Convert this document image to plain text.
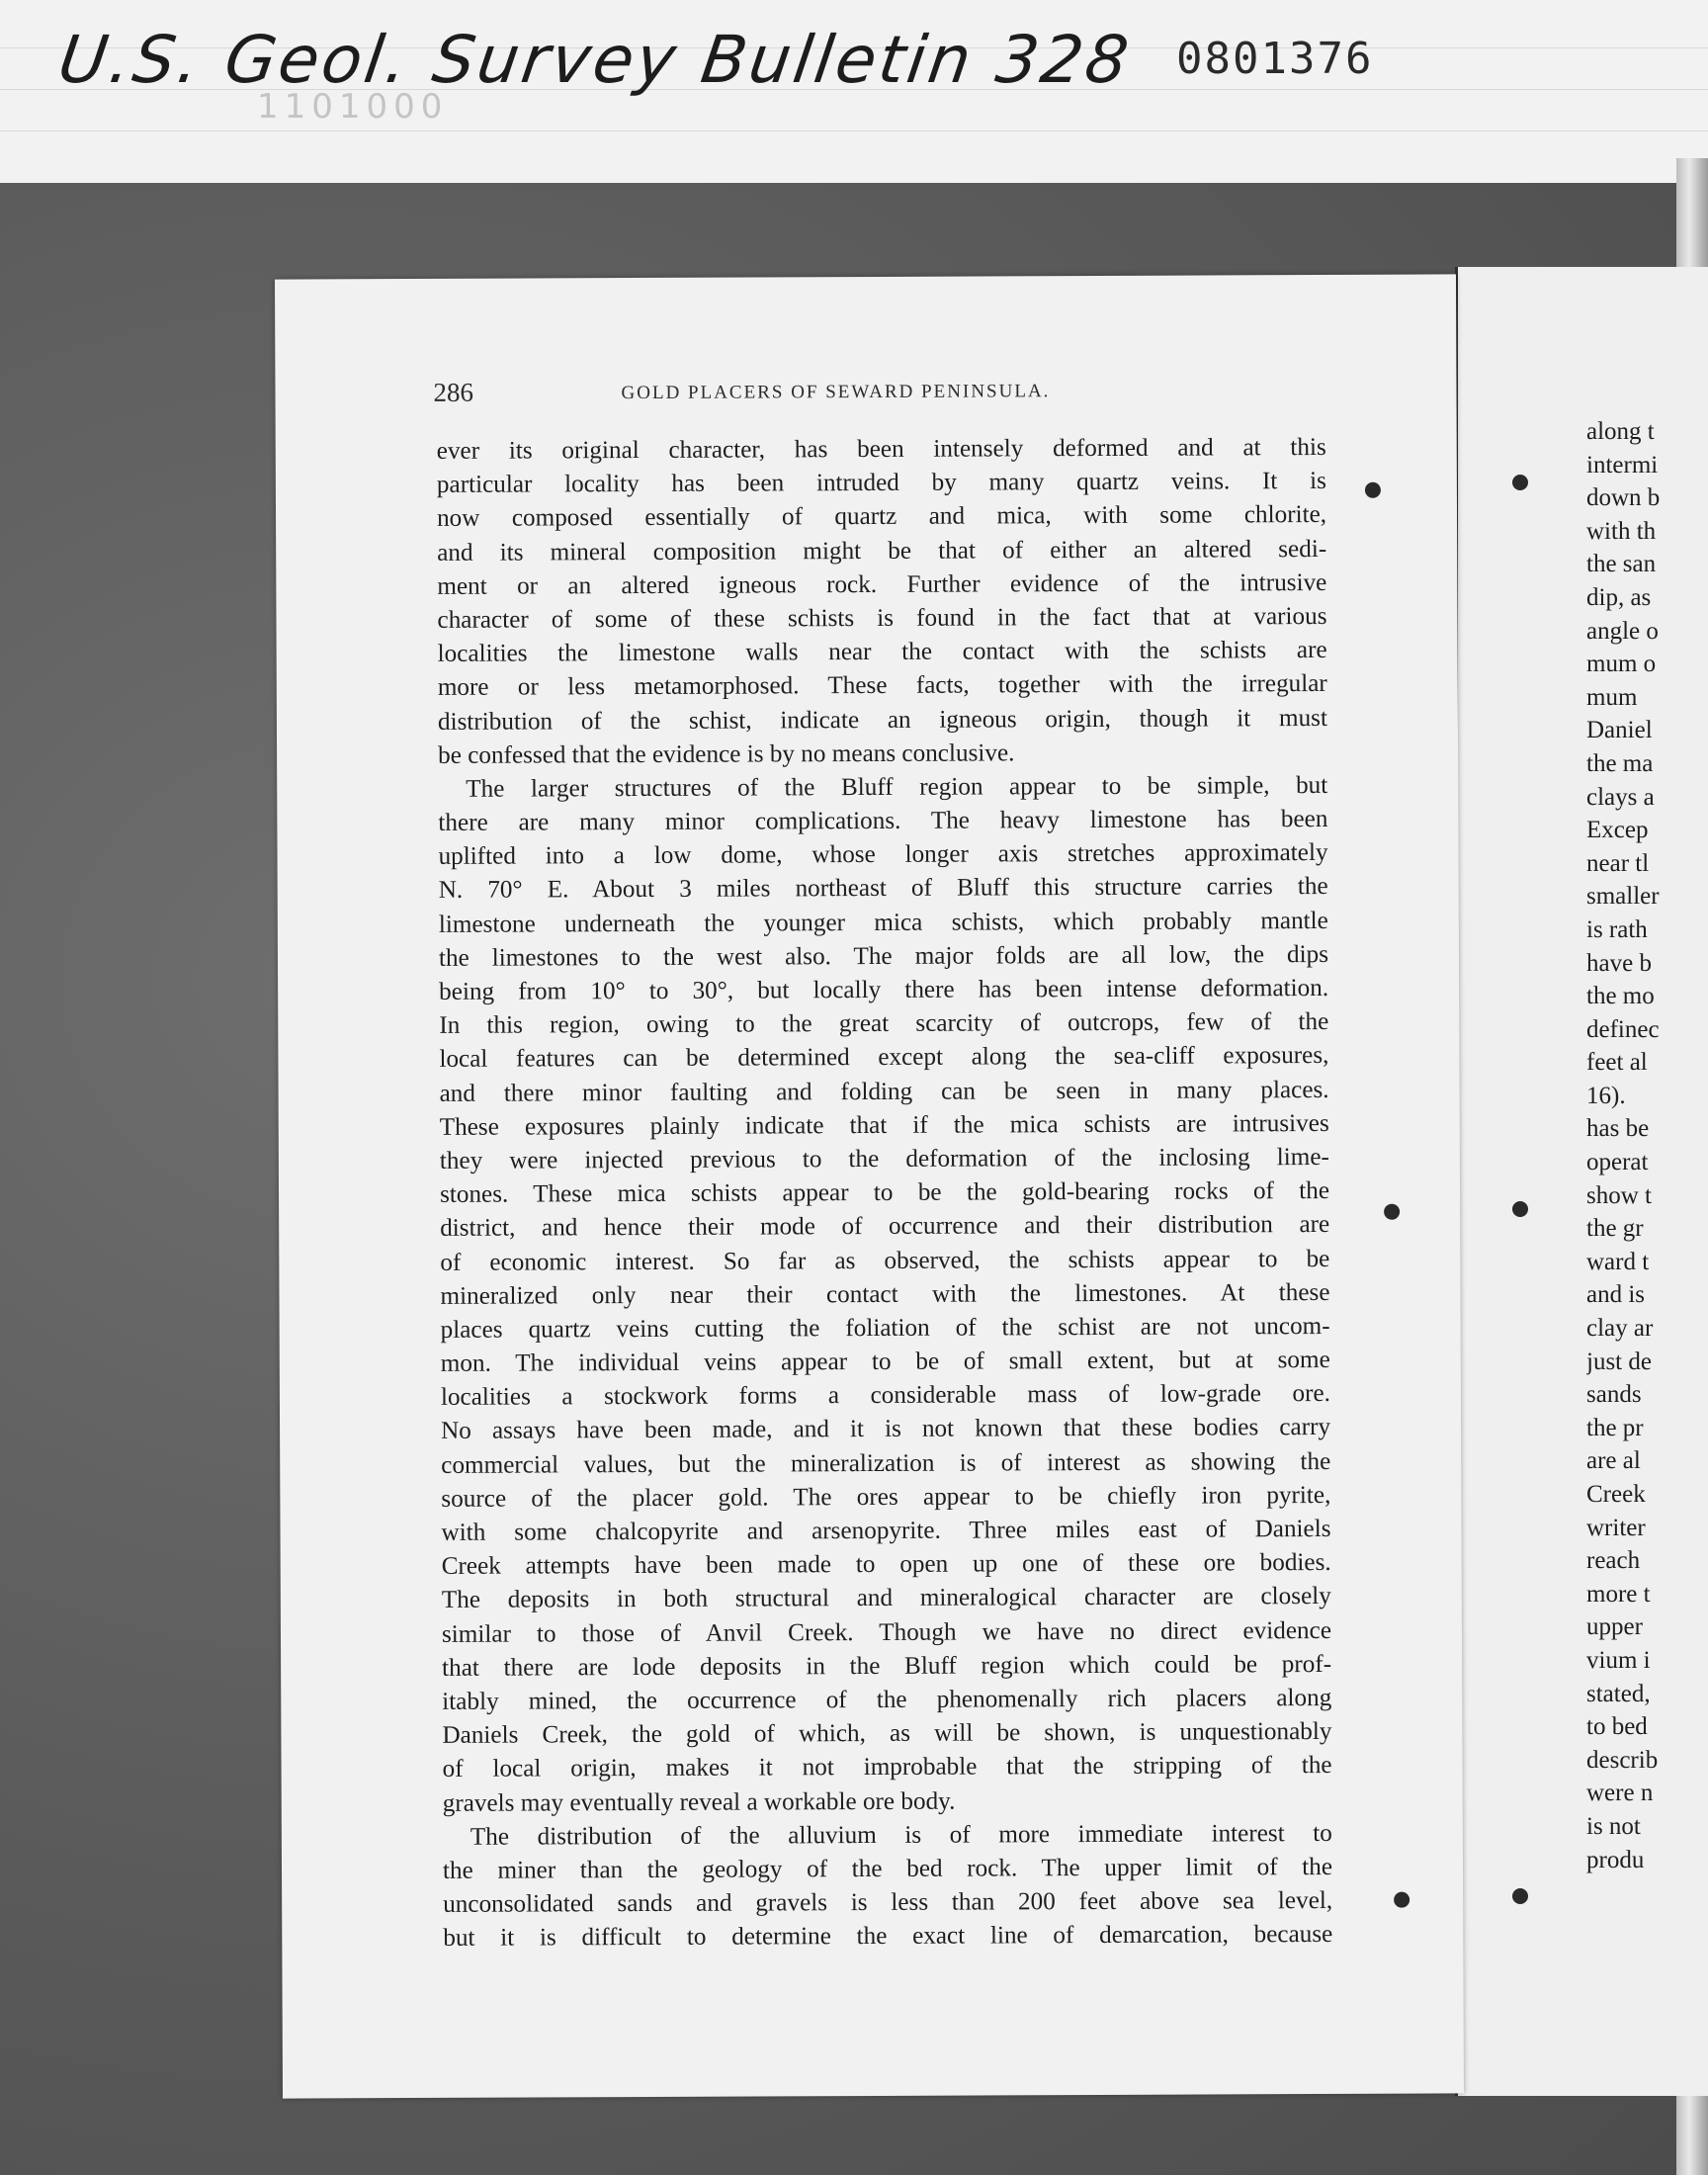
1101000
U.S. Geol. Survey Bulletin 328 0801376
along t
intermi
down b
with th
the san
dip, as
angle o
mum o
mum
Daniel
the ma
clays a
Excep
near tl
smaller
is rath
have b
the mo
definec
feet al
16).
has be
operat
show t
the gr
ward t
and is
clay ar
just de
sands
the pr
are al
Creek
writer
reach
more t
upper
vium i
stated,
to bed
describ
were n
is not
produ
286	GOLD PLACERS OF SEWARD PENINSULA.
ever its original character, has been intensely deformed and at this
particular locality has been intruded by many quartz veins. It is
now composed essentially of quartz and mica, with some chlorite,
and its mineral composition might be that of either an altered sedi-
ment or an altered igneous rock. Further evidence of the intrusive
character of some of these schists is found in the fact that at various
localities the limestone walls near the contact with the schists are
more or less metamorphosed. These facts, together with the irregular
distribution of the schist, indicate an igneous origin, though it must
be confessed that the evidence is by no means conclusive.
The larger structures of the Bluff region appear to be simple, but
there are many minor complications. The heavy limestone has been
uplifted into a low dome, whose longer axis stretches approximately
N. 70° E. About 3 miles northeast of Bluff this structure carries the
limestone underneath the younger mica schists, which probably mantle
the limestones to the west also. The major folds are all low, the dips
being from 10° to 30°, but locally there has been intense deformation.
In this region, owing to the great scarcity of outcrops, few of the
local features can be determined except along the sea-cliff exposures,
and there minor faulting and folding can be seen in many places.
These exposures plainly indicate that if the mica schists are intrusives
they were injected previous to the deformation of the inclosing lime-
stones. These mica schists appear to be the gold-bearing rocks of the
district, and hence their mode of occurrence and their distribution are
of economic interest. So far as observed, the schists appear to be
mineralized only near their contact with the limestones. At these
places quartz veins cutting the foliation of the schist are not uncom-
mon. The individual veins appear to be of small extent, but at some
localities a stockwork forms a considerable mass of low-grade ore.
No assays have been made, and it is not known that these bodies carry
commercial values, but the mineralization is of interest as showing the
source of the placer gold. The ores appear to be chiefly iron pyrite,
with some chalcopyrite and arsenopyrite. Three miles east of Daniels
Creek attempts have been made to open up one of these ore bodies.
The deposits in both structural and mineralogical character are closely
similar to those of Anvil Creek. Though we have no direct evidence
that there are lode deposits in the Bluff region which could be prof-
itably mined, the occurrence of the phenomenally rich placers along
Daniels Creek, the gold of which, as will be shown, is unquestionably
of local origin, makes it not improbable that the stripping of the
gravels may eventually reveal a workable ore body.
The distribution of the alluvium is of more immediate interest to
the miner than the geology of the bed rock. The upper limit of the
unconsolidated sands and gravels is less than 200 feet above sea level,
but it is difficult to determine the exact line of demarcation, because
